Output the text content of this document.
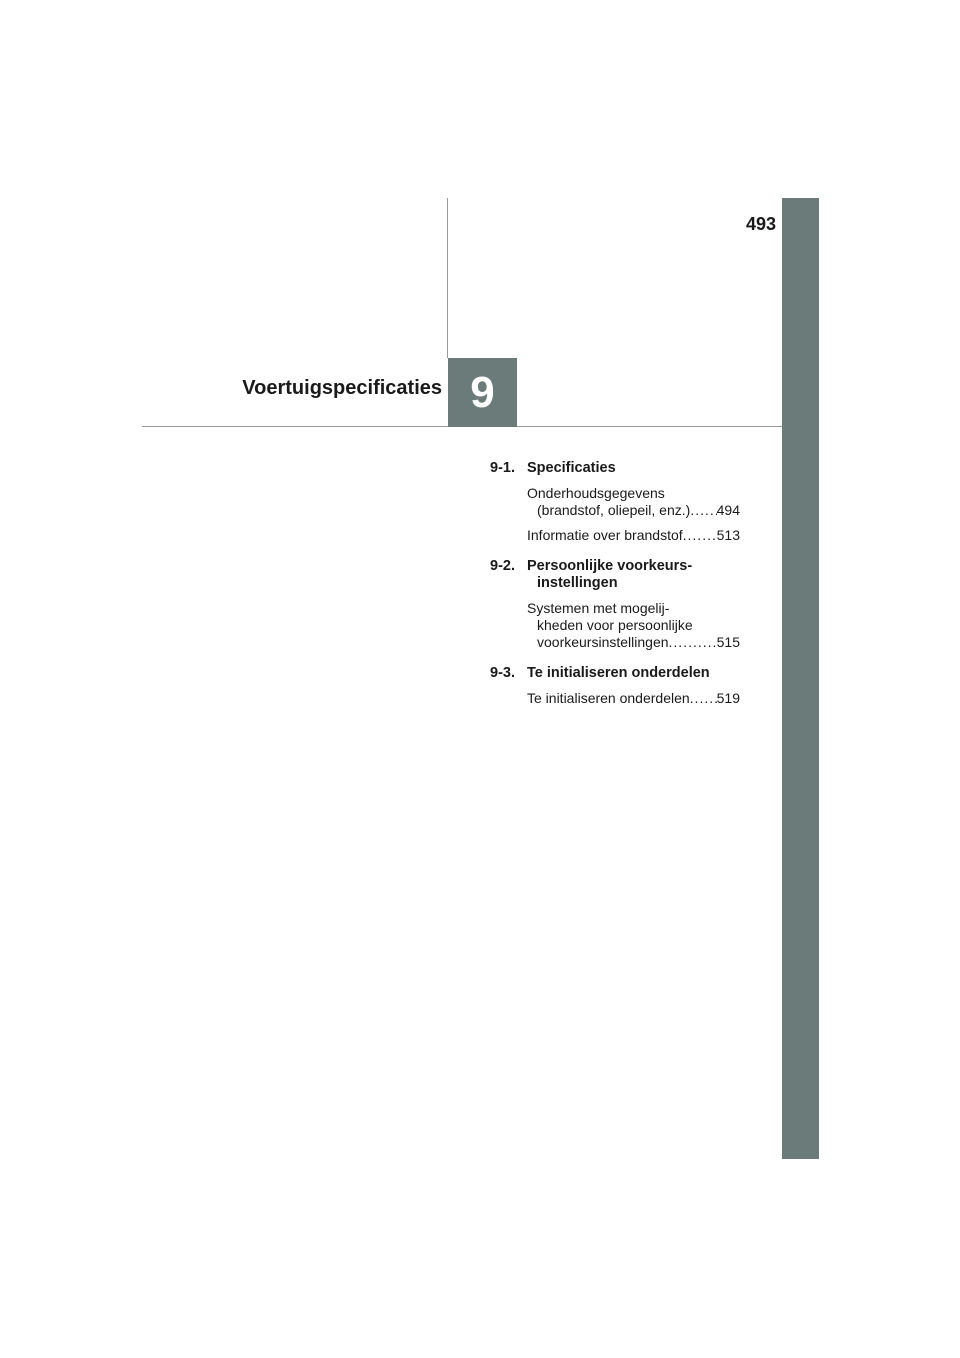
493
Voertuigspecificaties 9
9-1. Specificaties
Onderhoudsgegevens
(brandstof, oliepeil, enz.) ..... 494
Informatie over brandstof ..... 513
9-2. Persoonlijke voorkeurs-
instellingen
Systemen met mogelij-
kheden voor persoonlijke
voorkeursinstellingen .....	515
9-3. Te initialiseren onderdelen
Te initialiseren onderdelen ..... 519
